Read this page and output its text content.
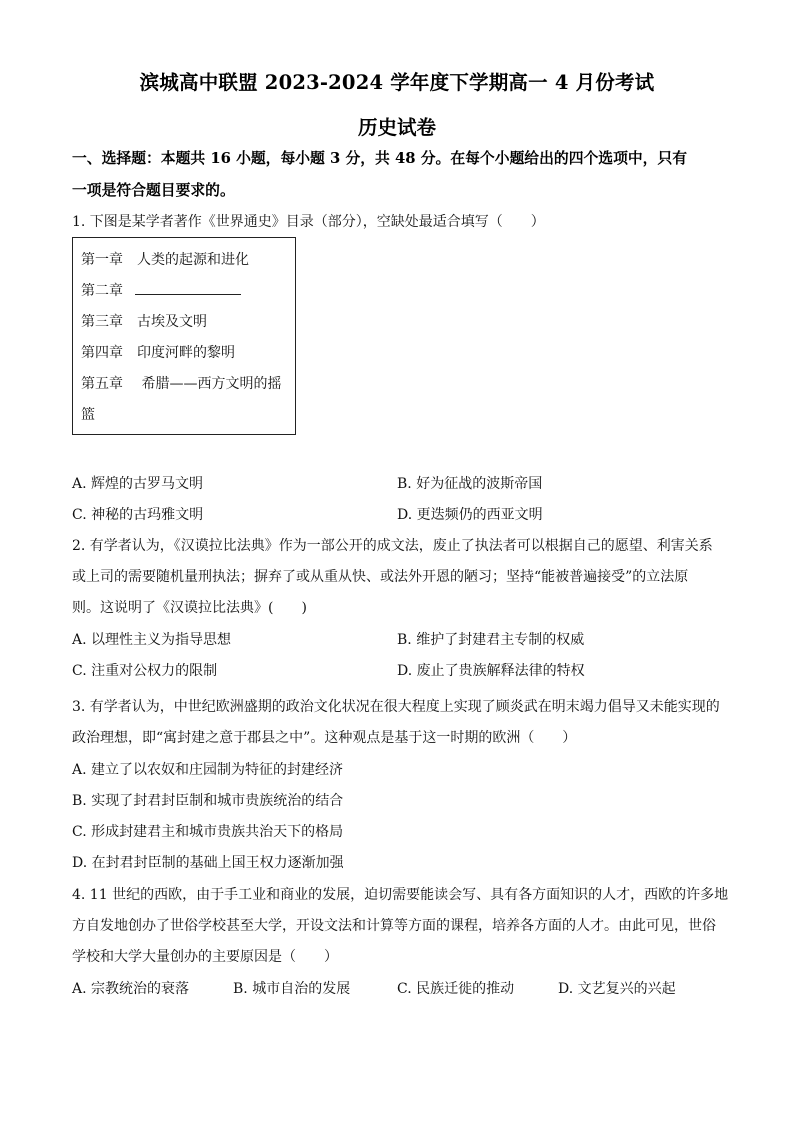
滨城高中联盟 2023-2024 学年度下学期高一 4 月份考试
历史试卷
一、选择题：本题共 16 小题，每小题 3 分，共 48 分。在每个小题给出的四个选项中，只有
一项是符合题目要求的。
1. 下图是某学者著作《世界通史》目录（部分），空缺处最适合填写（　　）
第一章　人类的起源和进化
第二章
第三章　古埃及文明
第四章　印度河畔的黎明
第五章　 希腊——西方文明的摇
篮
A. 辉煌的古罗马文明	B. 好为征战的波斯帝国
C. 神秘的古玛雅文明	D. 更迭频仍的西亚文明
2. 有学者认为，《汉谟拉比法典》作为一部公开的成文法，废止了执法者可以根据自己的愿望、利害关系
或上司的需要随机量刑执法；摒弃了或从重从快、或法外开恩的陋习；坚持“能被普遍接受”的立法原
则。这说明了《汉谟拉比法典》(　　)
A. 以理性主义为指导思想	B. 维护了封建君主专制的权威
C. 注重对公权力的限制	D. 废止了贵族解释法律的特权
3. 有学者认为，中世纪欧洲盛期的政治文化状况在很大程度上实现了顾炎武在明末竭力倡导又未能实现的
政治理想，即“寓封建之意于郡县之中”。这种观点是基于这一时期的欧洲（　　）
A. 建立了以农奴和庄园制为特征的封建经济
B. 实现了封君封臣制和城市贵族统治的结合
C. 形成封建君主和城市贵族共治天下的格局
D. 在封君封臣制的基础上国王权力逐渐加强
4. 11 世纪的西欧，由于手工业和商业的发展，迫切需要能读会写、具有各方面知识的人才，西欧的许多地
方自发地创办了世俗学校甚至大学，开设文法和计算等方面的课程，培养各方面的人才。由此可见，世俗
学校和大学大量创办的主要原因是（　　）
A. 宗教统治的衰落	B. 城市自治的发展	C. 民族迁徙的推动	D. 文艺复兴的兴起
